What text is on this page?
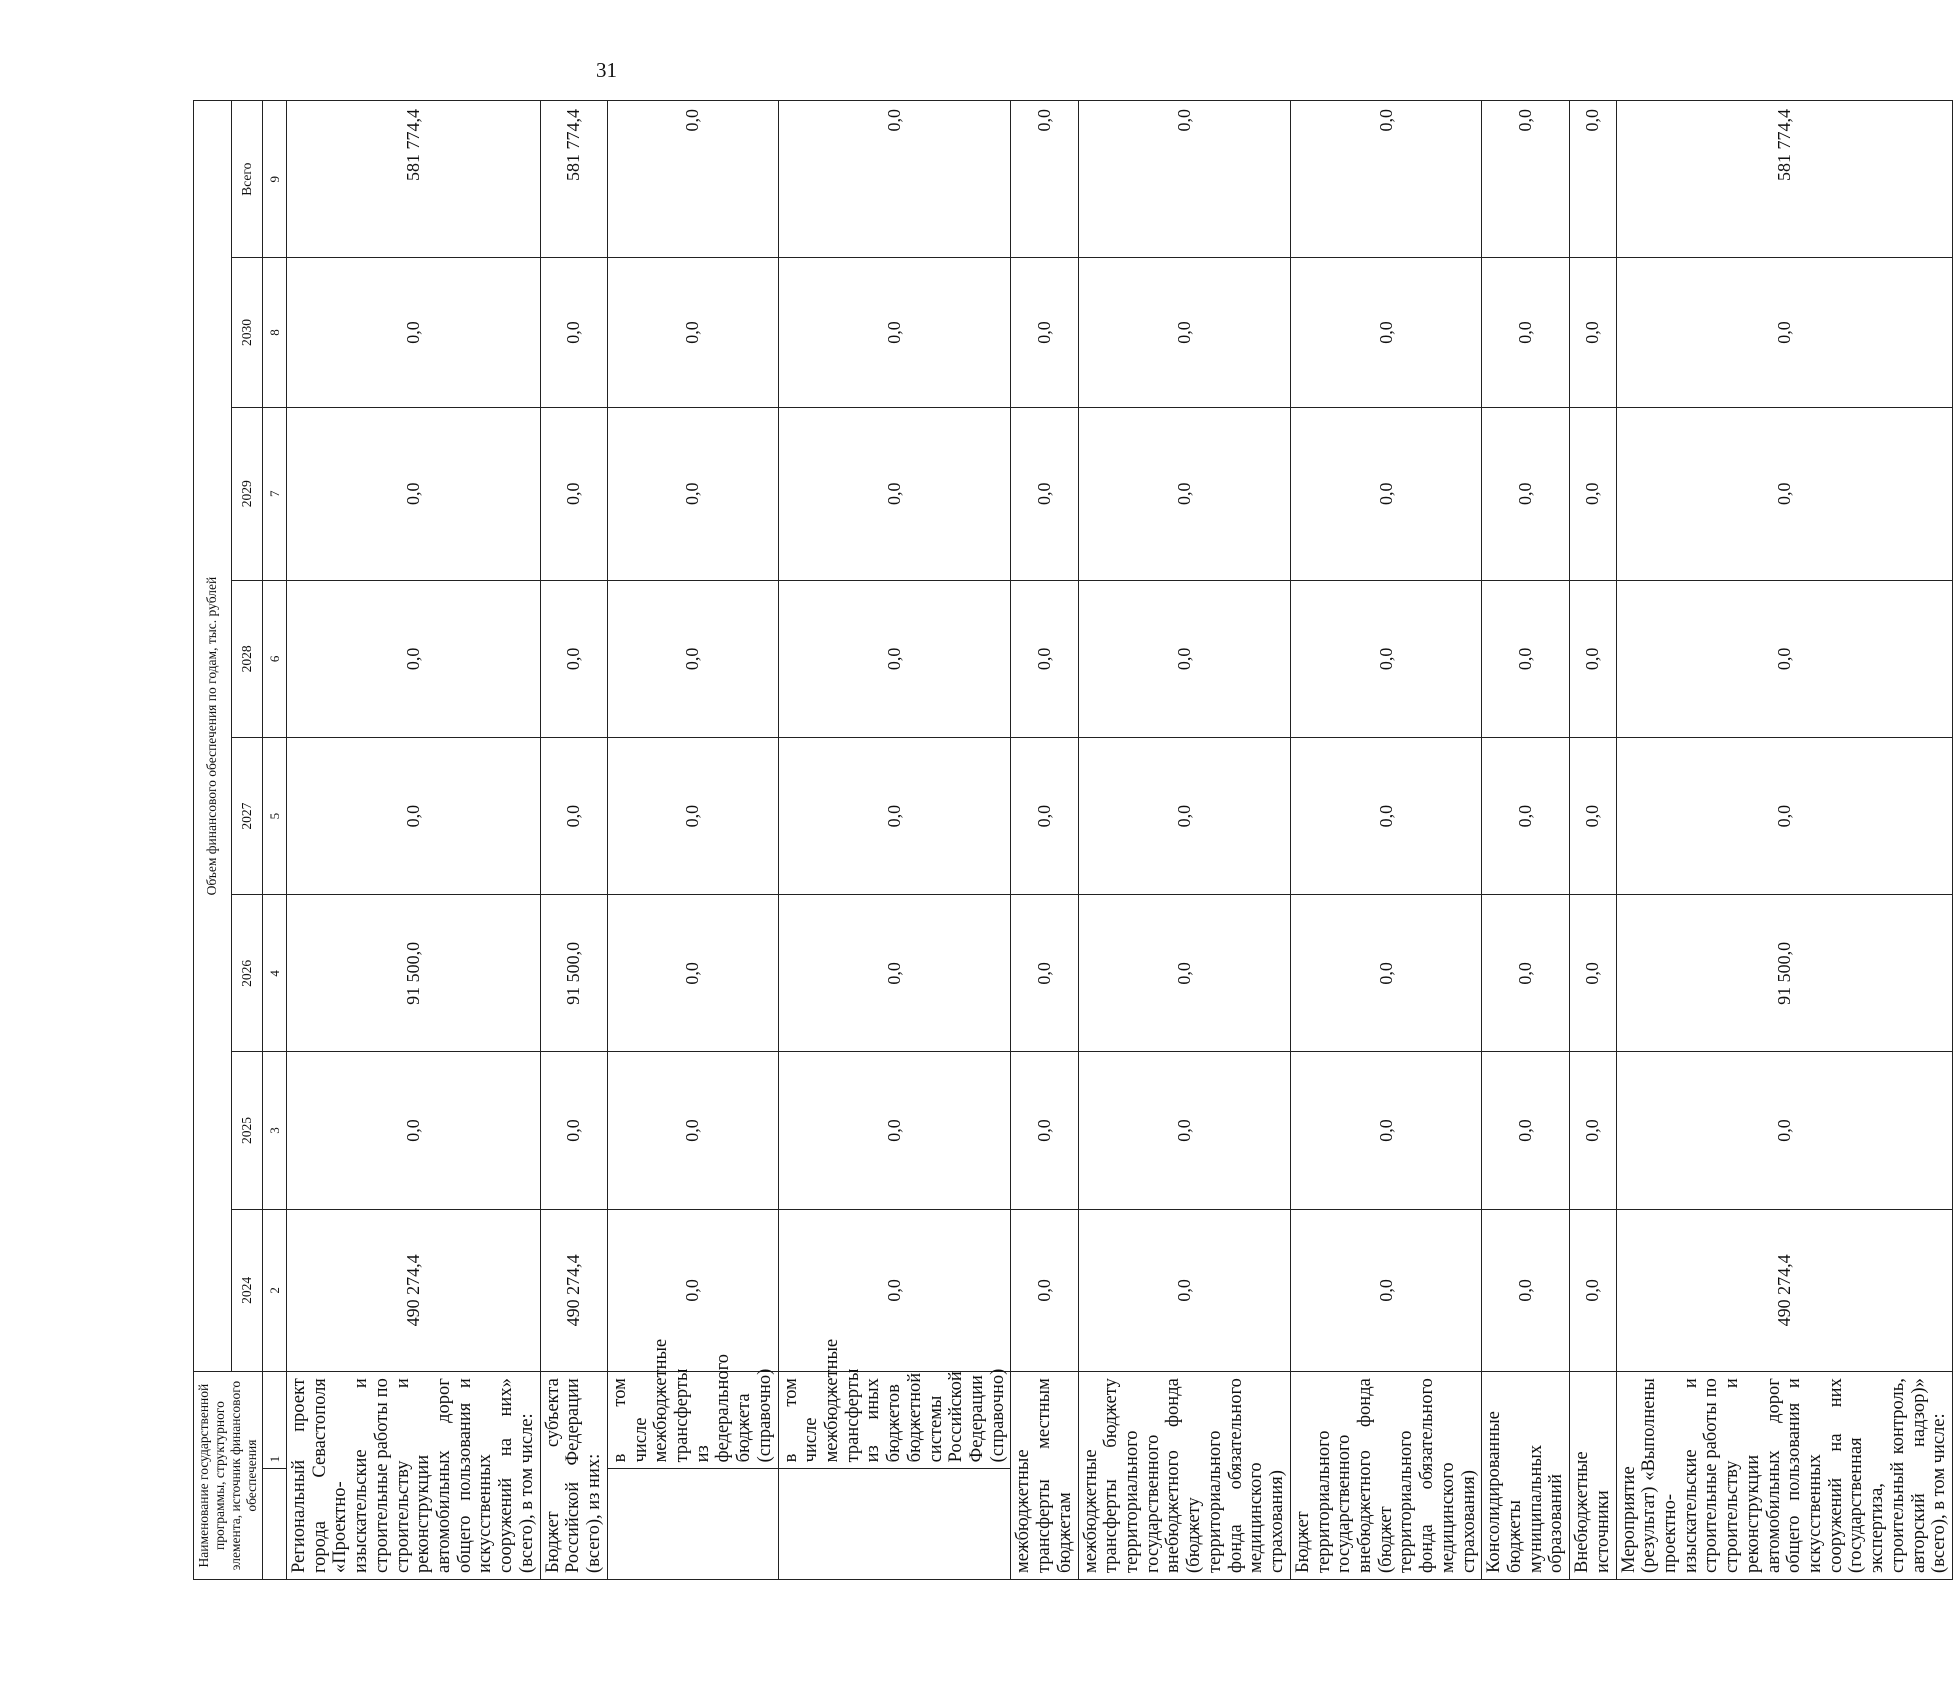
31
Наименование государственной программы, структурного элемента, источник финансового обеспечения		Объем финансового обеспечения по годам, тыс. рублей							
		2024	2025	2026	2027	2028	2029	2030	Всего
	1	2	3	4	5	6	7	8	9
Региональный проект города Севастополя «Проектно-изыскательские и строительные работы по строительству и реконструкции автомобильных дорог общего пользования и искусственных сооружений на них» (всего), в том числе:		490 274,4	0,0	91 500,0	0,0	0,0	0,0	0,0	581 774,4
Бюджет субъекта Российской Федерации (всего), из них:		490 274,4	0,0	91 500,0	0,0	0,0	0,0	0,0	581 774,4
	в том числе межбюджетные трансферты из федерального бюджета (справочно)	0,0	0,0	0,0	0,0	0,0	0,0	0,0	0,0
	в том числе межбюджетные трансферты из иных бюджетов бюджетной системы Российской Федерации (справочно)	0,0	0,0	0,0	0,0	0,0	0,0	0,0	0,0
межбюджетные трансферты местным бюджетам		0,0	0,0	0,0	0,0	0,0	0,0	0,0	0,0
межбюджетные трансферты бюджету территориального государственного внебюджетного фонда (бюджету территориального фонда обязательного медицинского страхования)		0,0	0,0	0,0	0,0	0,0	0,0	0,0	0,0
Бюджет территориального государственного внебюджетного фонда (бюджет территориального фонда обязательного медицинского страхования)		0,0	0,0	0,0	0,0	0,0	0,0	0,0	0,0
Консолидированные бюджеты муниципальных образований		0,0	0,0	0,0	0,0	0,0	0,0	0,0	0,0
Внебюджетные источники		0,0	0,0	0,0	0,0	0,0	0,0	0,0	0,0
Мероприятие (результат) «Выполнены проектно-изыскательские и строительные работы по строительству и реконструкции автомобильных дорог общего пользования и искусственных сооружений на них (государственная экспертиза, строительный контроль, авторский надзор)» (всего), в том числе:		490 274,4	0,0	91 500,0	0,0	0,0	0,0	0,0	581 774,4
